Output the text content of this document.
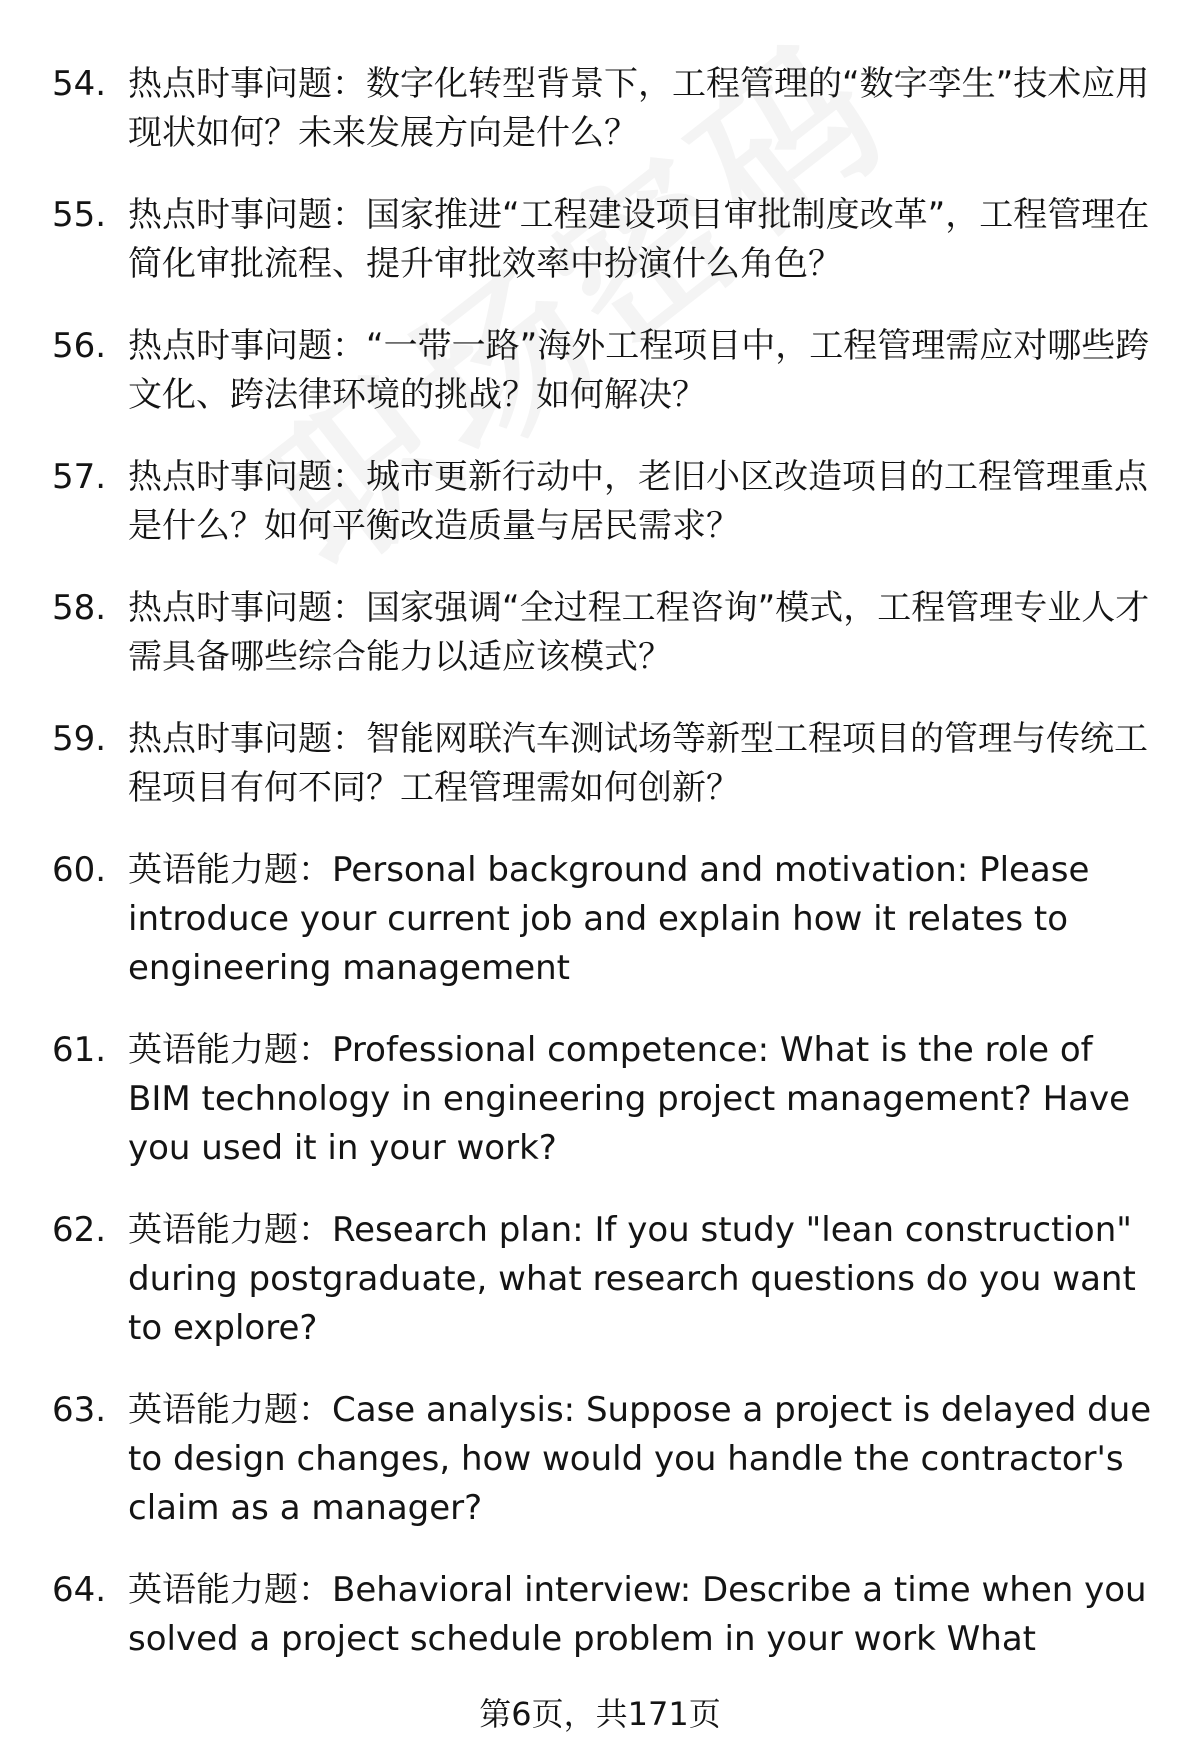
54. 热点时事问题：数字化转型背景下，工程管理的“数字孪生”技术应用现状如何？未来发展方向是什么？
55. 热点时事问题：国家推进“工程建设项目审批制度改革”，工程管理在简化审批流程、提升审批效率中扮演什么角色？
56. 热点时事问题：“一带一路”海外工程项目中，工程管理需应对哪些跨文化、跨法律环境的挑战？如何解决？
57. 热点时事问题：城市更新行动中，老旧小区改造项目的工程管理重点是什么？如何平衡改造质量与居民需求？
58. 热点时事问题：国家强调“全过程工程咨询”模式，工程管理专业人才需具备哪些综合能力以适应该模式？
59. 热点时事问题：智能网联汽车测试场等新型工程项目的管理与传统工程项目有何不同？工程管理需如何创新？
60. 英语能力题：Personal background and motivation: Please introduce your current job and explain how it relates to engineering management
61. 英语能力题：Professional competence: What is the role of BIM technology in engineering project management? Have you used it in your work?
62. 英语能力题：Research plan: If you study "lean construction" during postgraduate, what research questions do you want to explore?
63. 英语能力题：Case analysis: Suppose a project is delayed due to design changes, how would you handle the contractor's claim as a manager?
64. 英语能力题：Behavioral interview: Describe a time when you solved a project schedule problem in your work What
第6页，共171页
